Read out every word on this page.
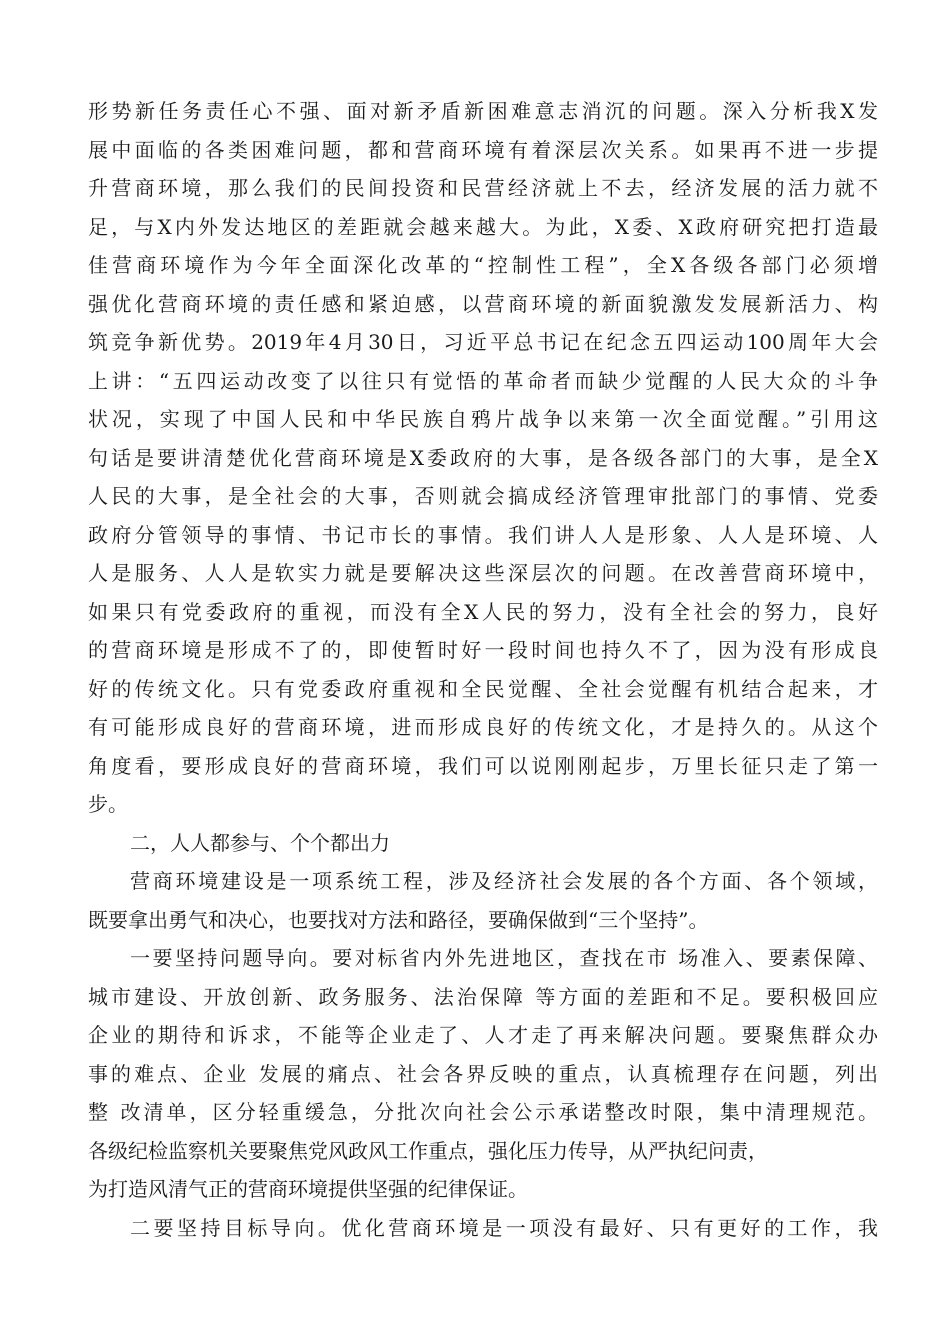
形势新任务责任心不强、面对新矛盾新困难意志消沉的问题。深入分析我X发
展中面临的各类困难问题，都和营商环境有着深层次关系。如果再不进一步提
升营商环境，那么我们的民间投资和民营经济就上不去，经济发展的活力就不
足，与X内外发达地区的差距就会越来越大。为此，X委、X政府研究把打造最
佳营商环境作为今年全面深化改革的“控制性工程”，全X各级各部门必须增
强优化营商环境的责任感和紧迫感，以营商环境的新面貌激发发展新活力、构
筑竞争新优势。2019年4月30日，习近平总书记在纪念五四运动100周年大会
上讲：“五四运动改变了以往只有觉悟的革命者而缺少觉醒的人民大众的斗争
状况，实现了中国人民和中华民族自鸦片战争以来第一次全面觉醒。”引用这
句话是要讲清楚优化营商环境是X委政府的大事，是各级各部门的大事，是全X
人民的大事，是全社会的大事，否则就会搞成经济管理审批部门的事情、党委
政府分管领导的事情、书记市长的事情。我们讲人人是形象、人人是环境、人
人是服务、人人是软实力就是要解决这些深层次的问题。在改善营商环境中，
如果只有党委政府的重视，而没有全X人民的努力，没有全社会的努力，良好
的营商环境是形成不了的，即使暂时好一段时间也持久不了，因为没有形成良
好的传统文化。只有党委政府重视和全民觉醒、全社会觉醒有机结合起来，才
有可能形成良好的营商环境，进而形成良好的传统文化，才是持久的。从这个
角度看，要形成良好的营商环境，我们可以说刚刚起步，万里长征只走了第一
步。
二，人人都参与、个个都出力
营商环境建设是一项系统工程，涉及经济社会发展的各个方面、各个领域，
既要拿出勇气和决心，也要找对方法和路径，要确保做到“三个坚持”。
一要坚持问题导向。要对标省内外先进地区，查找在市 场准入、要素保障、
城市建设、开放创新、政务服务、法治保障 等方面的差距和不足。要积极回应
企业的期待和诉求，不能等企业走了、人才走了再来解决问题。要聚焦群众办
事的难点、企业 发展的痛点、社会各界反映的重点，认真梳理存在问题，列出
整 改清单，区分轻重缓急，分批次向社会公示承诺整改时限，集中清理规范。
各级纪检监察机关要聚焦党风政风工作重点，强化压力传导，从严执纪问责，
为打造风清气正的营商环境提供坚强的纪律保证。
二要坚持目标导向。优化营商环境是一项没有最好、只有更好的工作，我
